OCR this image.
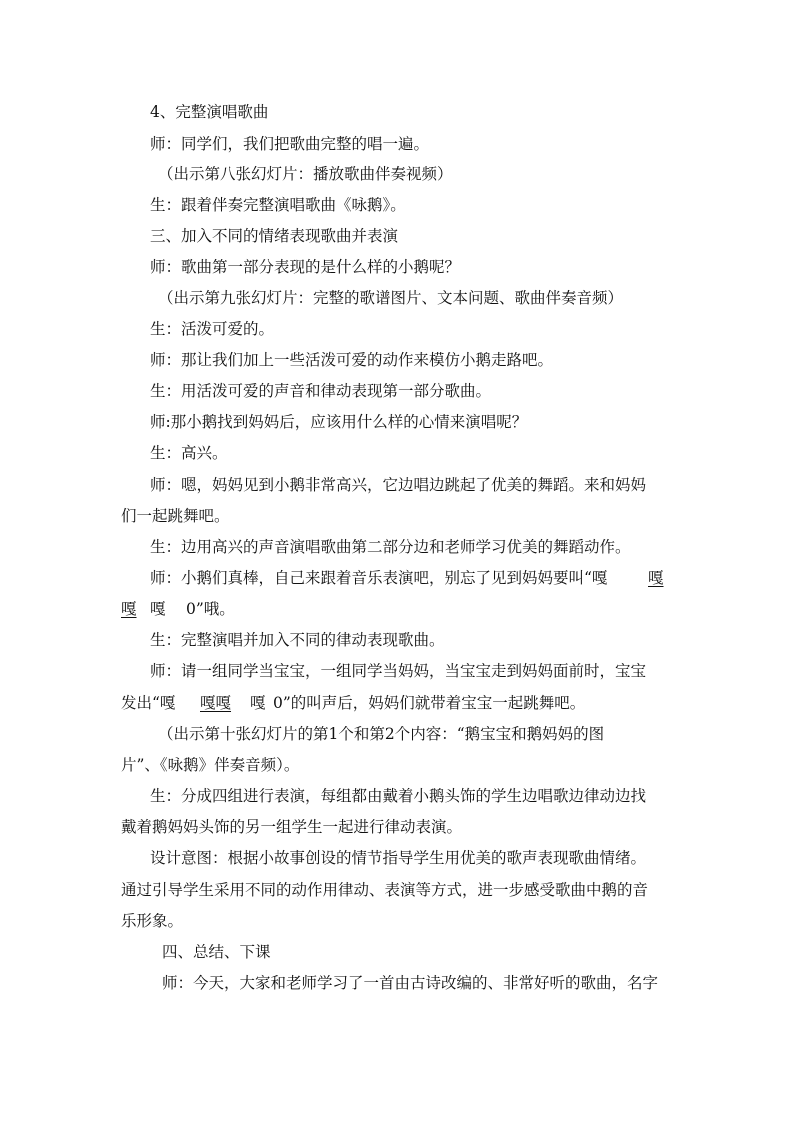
4、完整演唱歌曲
师：同学们，我们把歌曲完整的唱一遍。
（出示第八张幻灯片：播放歌曲伴奏视频）
生：跟着伴奏完整演唱歌曲《咏鹅》。
三、加入不同的情绪表现歌曲并表演
师：歌曲第一部分表现的是什么样的小鹅呢？
（出示第九张幻灯片：完整的歌谱图片、文本问题、歌曲伴奏音频）
生：活泼可爱的。
师：那让我们加上一些活泼可爱的动作来模仿小鹅走路吧。
生：用活泼可爱的声音和律动表现第一部分歌曲。
师:那小鹅找到妈妈后，应该用什么样的心情来演唱呢？
生：高兴。
师：嗯，妈妈见到小鹅非常高兴，它边唱边跳起了优美的舞蹈。来和妈妈
们一起跳舞吧。
生：边用高兴的声音演唱歌曲第二部分边和老师学习优美的舞蹈动作。
师：小鹅们真棒，自己来跟着音乐表演吧，别忘了见到妈妈要叫“嘎	嘎
嘎 嘎 0”哦。
生：完整演唱并加入不同的律动表现歌曲。
师：请一组同学当宝宝，一组同学当妈妈，当宝宝走到妈妈面前时，宝宝
发出“嘎 嘎嘎 嘎 0”的叫声后，妈妈们就带着宝宝一起跳舞吧。
（出示第十张幻灯片的第1个和第2个内容：“鹅宝宝和鹅妈妈的图
片”、《咏鹅》伴奏音频）。
生：分成四组进行表演，每组都由戴着小鹅头饰的学生边唱歌边律动边找
戴着鹅妈妈头饰的另一组学生一起进行律动表演。
设计意图：根据小故事创设的情节指导学生用优美的歌声表现歌曲情绪。
通过引导学生采用不同的动作用律动、表演等方式，进一步感受歌曲中鹅的音
乐形象。
四、总结、下课
师：今天，大家和老师学习了一首由古诗改编的、非常好听的歌曲，名字
